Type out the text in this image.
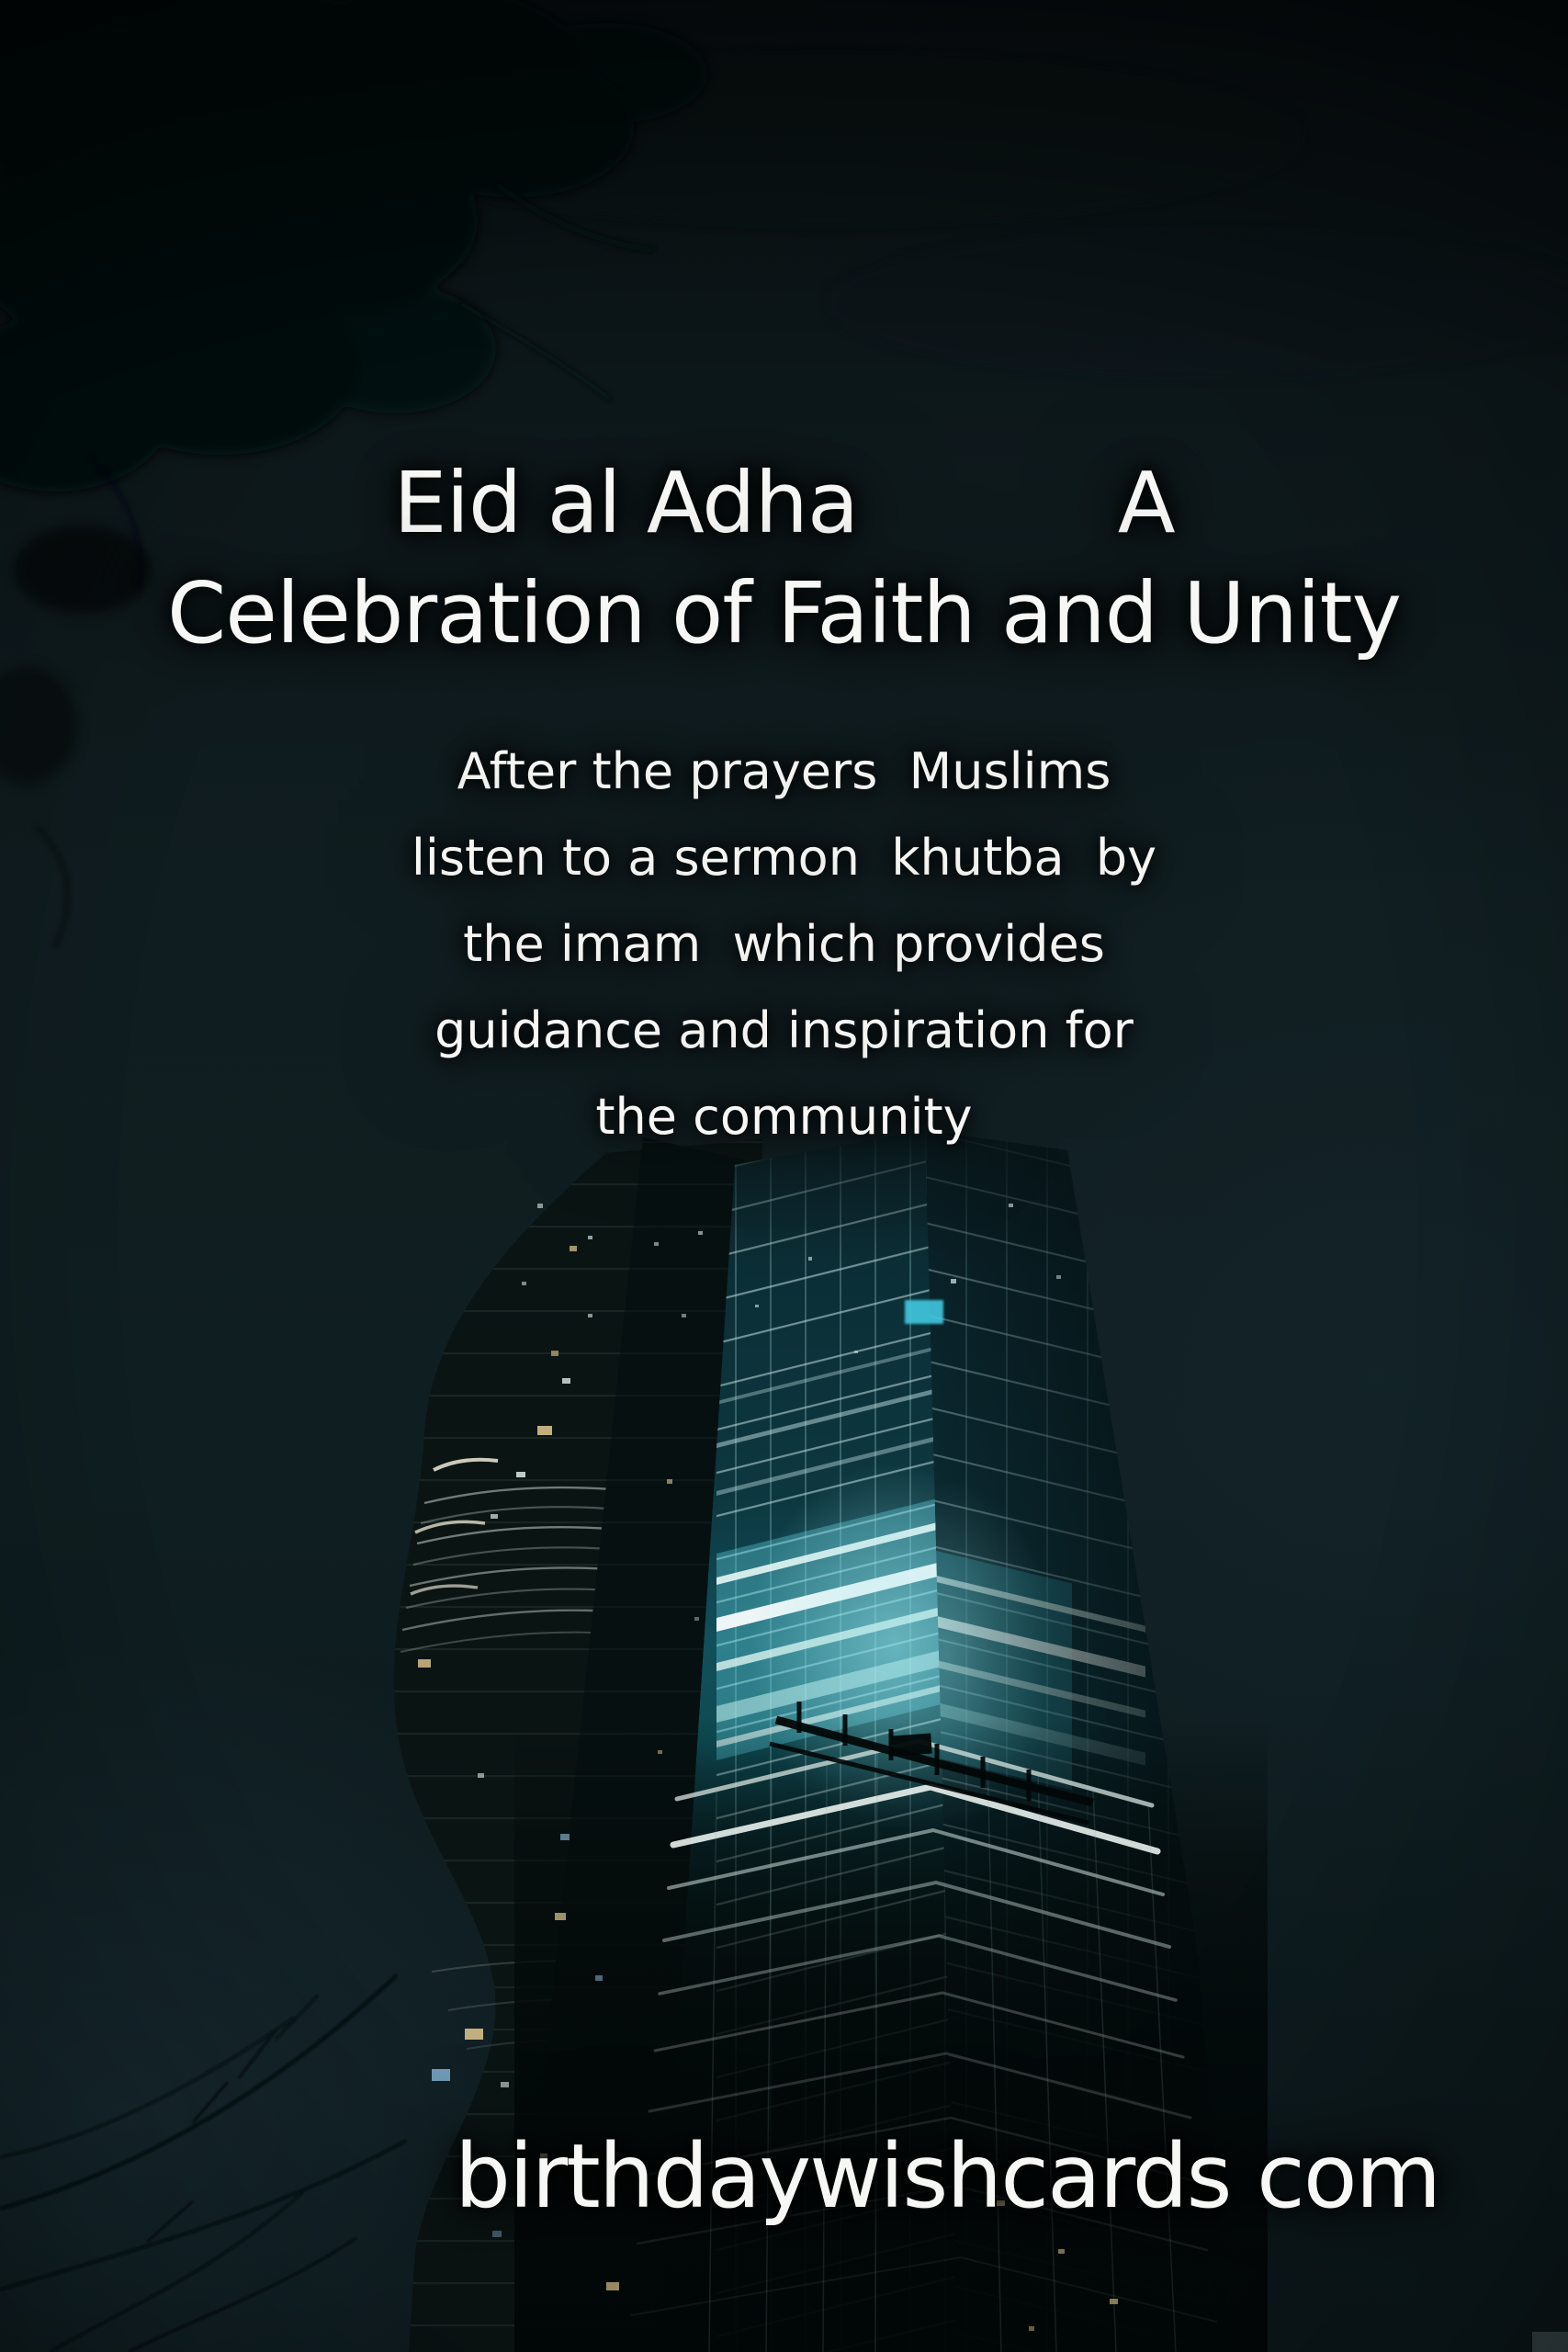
Eid al Adha          A
Celebration of Faith and Unity
After the prayers  Muslims
listen to a sermon  khutba  by
the imam  which provides
guidance and inspiration for
the community
birthdaywishcards com
